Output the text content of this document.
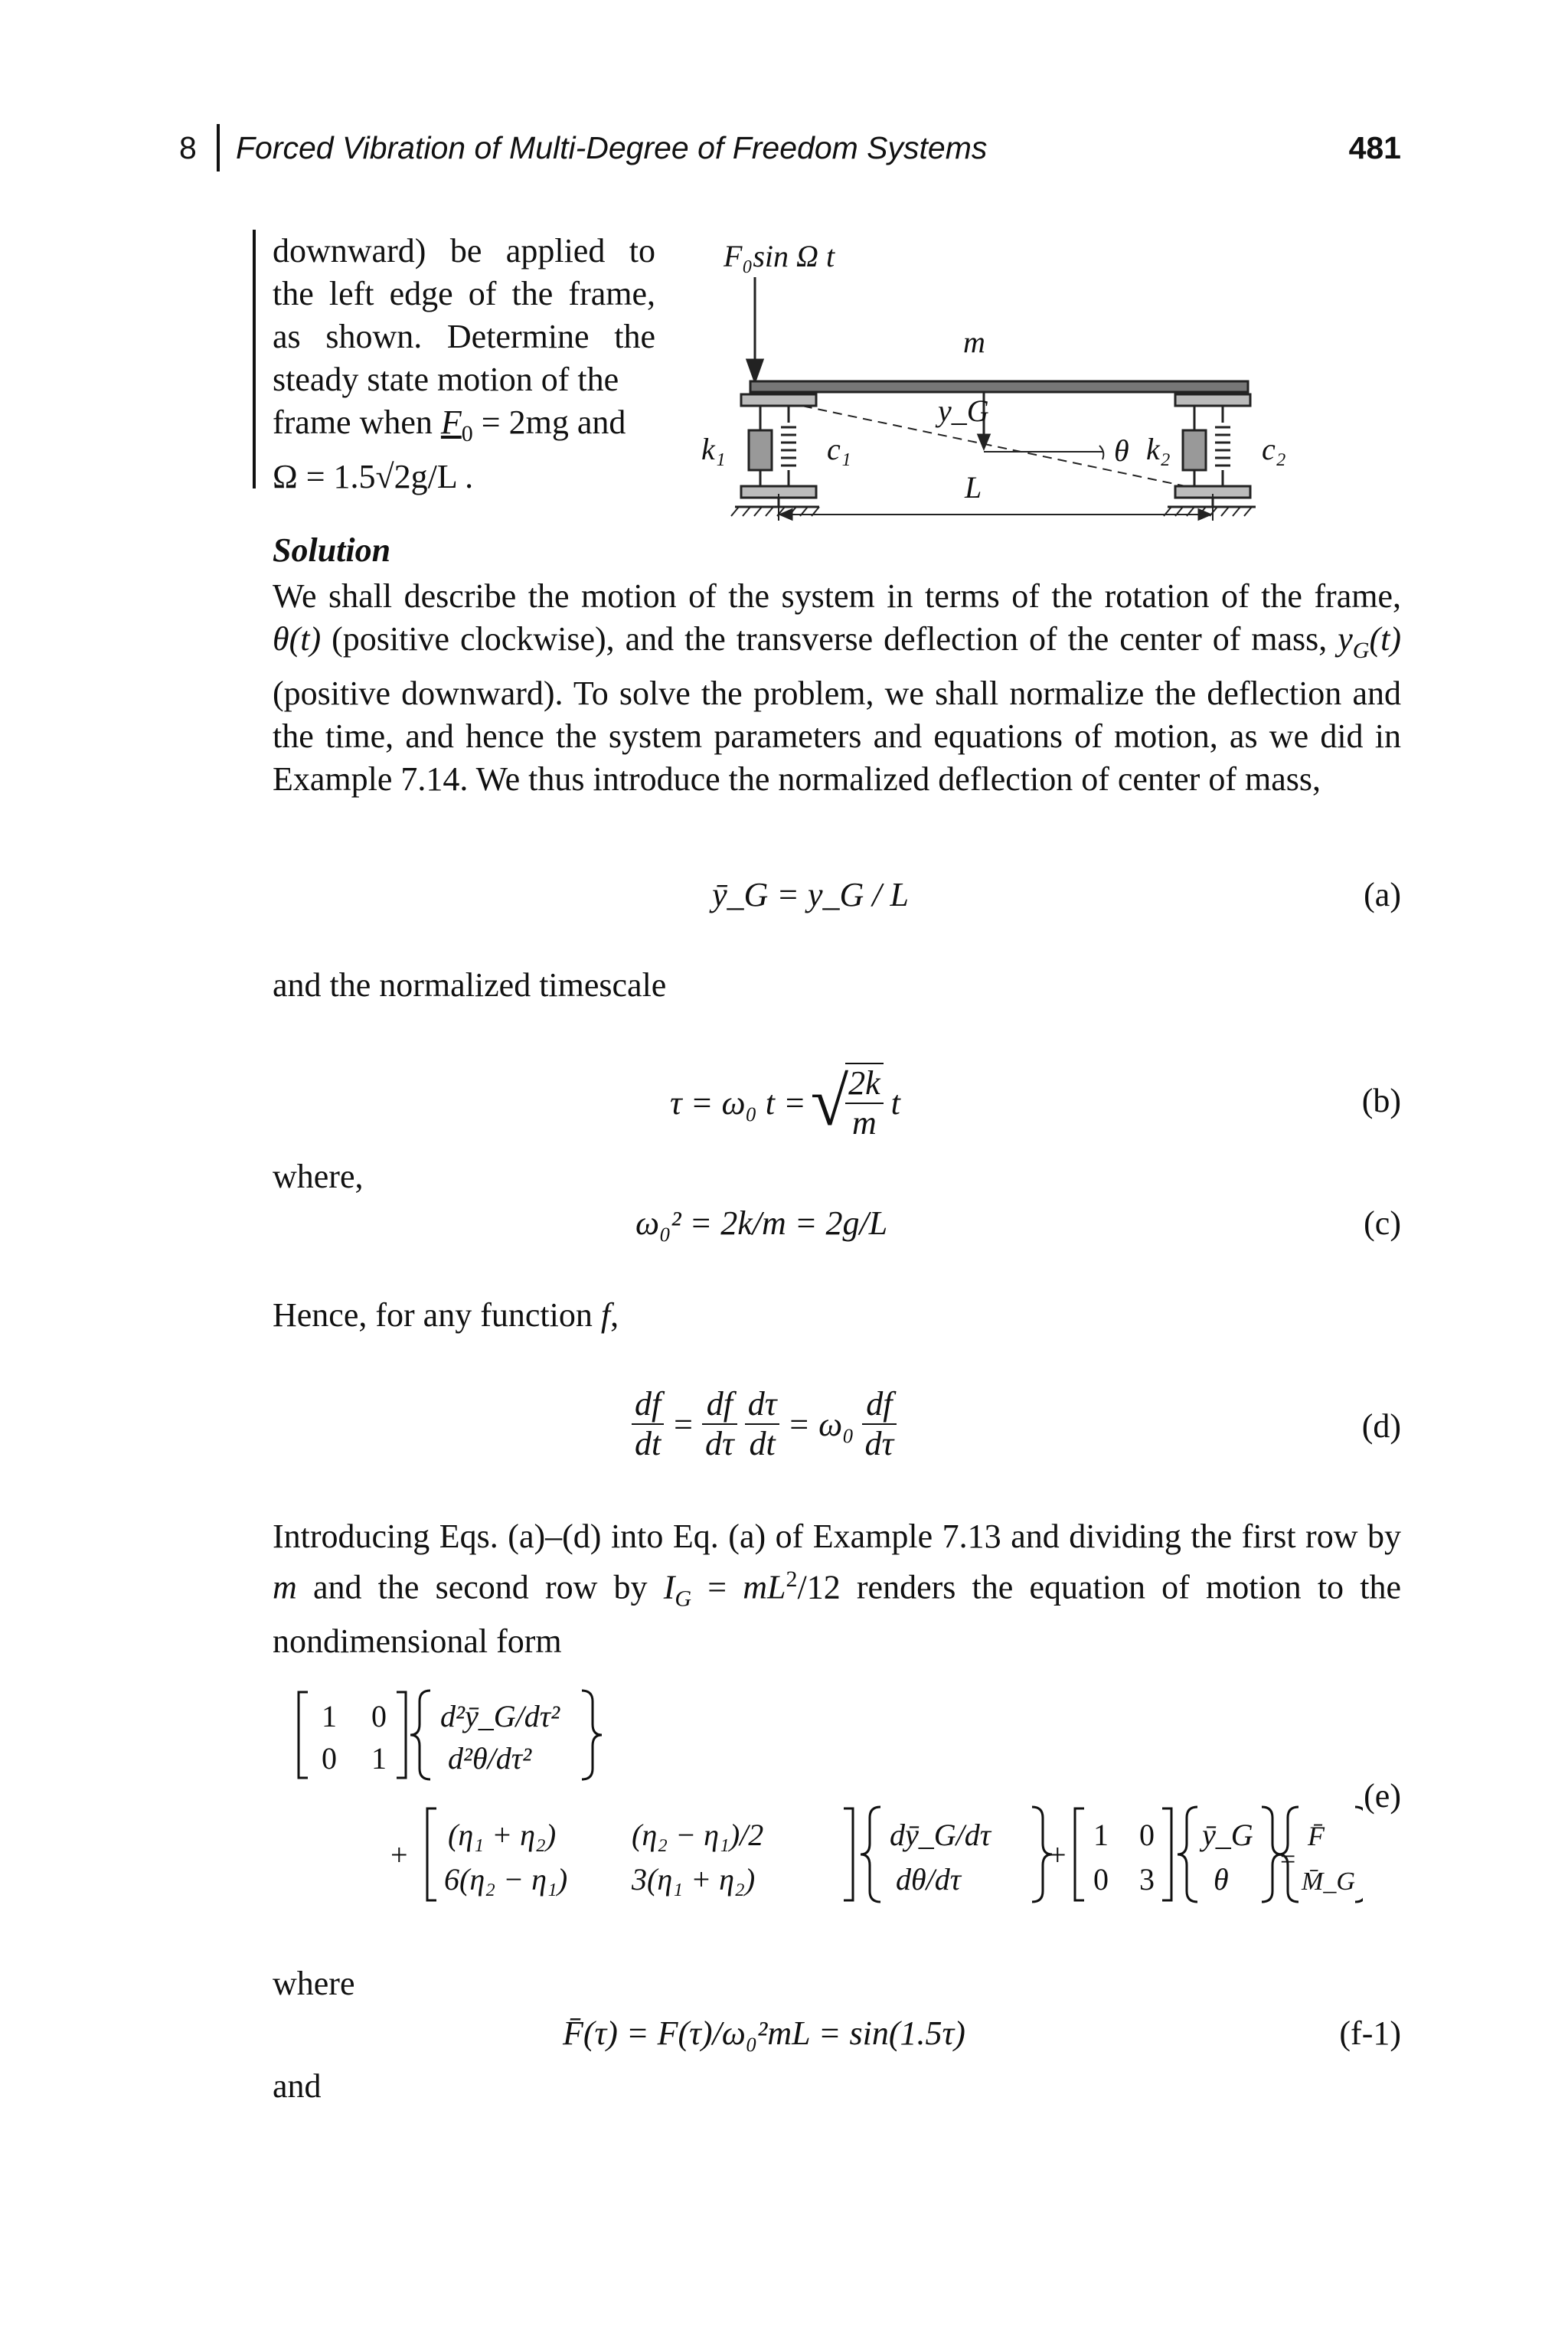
8 Forced Vibration of Multi-Degree of Freedom Systems	481

downward) be applied to the left edge of the frame, as shown. Determine the steady state motion of the

frame when $F_0 = 2mg$ and

Ω = 1.5√2g/L .

F₀sin Ω t
m
y_G
θ
L
k₁	c₁	k₂	c₂
Solution
We shall describe the motion of the system in terms of the rotation of the frame, θ(t) (positive clockwise), and the transverse deflection of the center of mass, $y_G(t)$ (positive downward). To solve the problem, we shall normalize the deflection and the time, and hence the system parameters and equations of motion, as we did in Example 7.14. We thus introduce the normalized deflection of center of mass,
ȳ_G = y_G / L	(a)
and the normalized timescale
τ = ω₀ t = √
$\frac{2k}{m}$ t	(b)
where,
ω₀² = 2k/m = 2g/L	(c)
Hence, for any function f,
$\frac{df}{dt} = \frac{df}{d\tau} \frac{d\tau}{dt} = \omega_0 \frac{df}{d\tau}$	(d)
Introducing Eqs. (a)–(d) into Eq. (a) of Example 7.13 and dividing the first row by m and the second row by $I_G = mL^2/12$ renders the equation of motion to the nondimensional form
1 0
0 1
d²ȳ_G/dτ²
d²θ/dτ²
+
(η₁ + η₂) (η₂ − η₁)/2
6(η₂ − η₁) 3(η₁ + η₂)
dȳ_G/dτ
dθ/dτ
+
1 0
0 3
ȳ_G
θ
=
F̄
M̄_G
(e)
where
F̄(τ) = F(τ)/ω₀²mL = sin(1.5τ)	(f-1)
and
